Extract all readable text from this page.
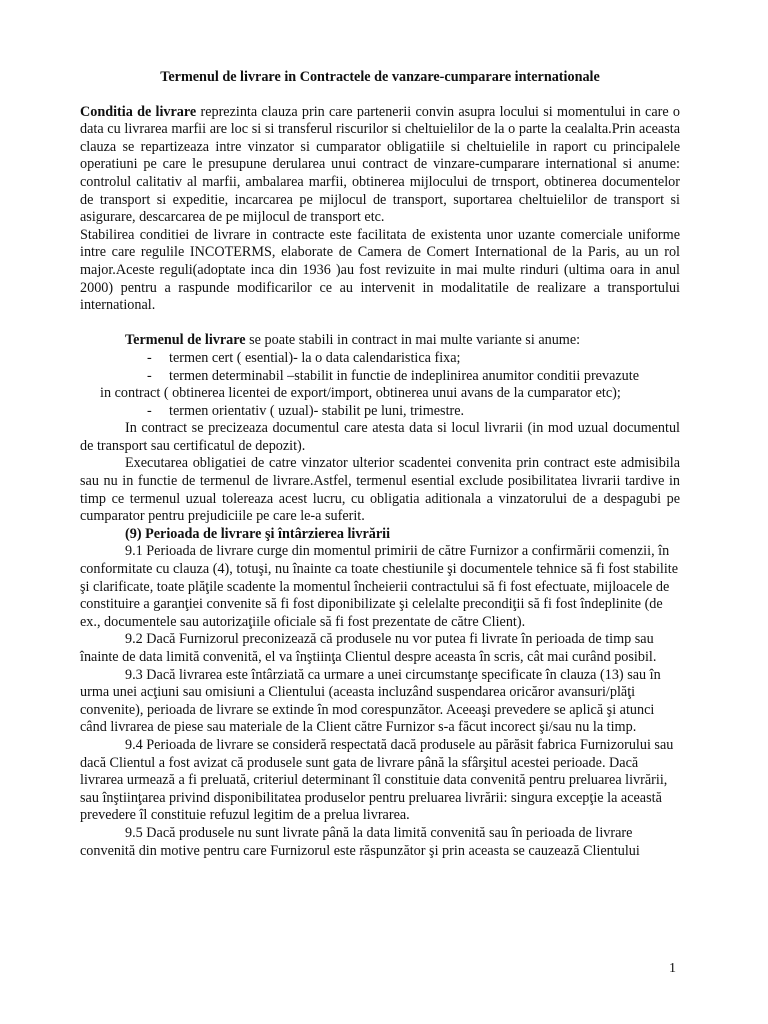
Termenul de livrare in Contractele de vanzare-cumparare internationale

Conditia de livrare reprezinta clauza prin care partenerii convin asupra locului si momentului in care o data cu livrarea marfii are loc si si transferul riscurilor si cheltuielilor de la o parte la cealalta.Prin aceasta clauza se repartizeaza intre vinzator si cumparator obligatiile si cheltuielile in raport cu principalele operatiuni pe care le presupune derularea unui contract de vinzare-cumparare international si anume: controlul calitativ al marfii, ambalarea marfii, obtinerea mijlocului de trnsport, obtinerea documentelor de transport si expeditie, incarcarea pe mijlocul de transport, suportarea cheltuielilor de transport si asigurare, descarcarea de pe mijlocul de transport etc.

Stabilirea conditiei de livrare in contracte este facilitata de existenta unor uzante comerciale uniforme intre care regulile INCOTERMS, elaborate de Camera de Comert International de la Paris, au un rol major.Aceste reguli(adoptate inca din 1936 )au fost revizuite in mai multe rinduri (ultima oara in anul 2000) pentru a raspunde modificarilor ce au intervenit in modalitatile de realizare a transportului international.

Termenul de livrare se poate stabili in contract in mai multe variante si anume:

- termen cert ( esential)- la o data calendaristica fixa;

- termen determinabil –stabilit in functie de indeplinirea anumitor conditii prevazute

in contract ( obtinerea licentei de export/import, obtinerea unui avans de la cumparator etc);

- termen orientativ ( uzual)- stabilit pe luni, trimestre.

In contract se precizeaza documentul care atesta data si locul livrarii (in mod uzual documentul de transport sau certificatul de depozit).

Executarea obligatiei de catre vinzator ulterior scadentei convenita prin contract este admisibila sau nu in functie de termenul de livrare.Astfel, termenul esential exclude posibilitatea livrarii tardive in timp ce termenul uzual tolereaza acest lucru, cu obligatia aditionala a vinzatorului de a despagubi pe cumparator pentru prejudiciile pe care le-a suferit.

(9) Perioada de livrare şi întârzierea livrării

9.1 Perioada de livrare curge din momentul primirii de către Furnizor a confirmării comenzii, în conformitate cu clauza (4), totuşi, nu înainte ca toate chestiunile şi documentele tehnice să fi fost stabilite şi clarificate, toate plăţile scadente la momentul încheierii contractului să fi fost efectuate, mijloacele de constituire a garanţiei convenite să fi fost diponibilizate şi celelalte precondiţii să fi fost îndeplinite (de ex., documentele sau autorizaţiile oficiale să fi fost prezentate de către Client).

9.2 Dacă Furnizorul preconizează că produsele nu vor putea fi livrate în perioada de timp sau înainte de data limită convenită, el va înştiinţa Clientul despre aceasta în scris, cât mai curând posibil.

9.3 Dacă livrarea este întârziată ca urmare a unei circumstanţe specificate în clauza (13) sau în urma unei acţiuni sau omisiuni a Clientului (aceasta incluzând suspendarea oricăror avansuri/plăţi convenite), perioada de livrare se extinde în mod corespunzător. Aceeaşi prevedere se aplică şi atunci când livrarea de piese sau materiale de la Client către Furnizor s-a făcut incorect şi/sau nu la timp.

9.4 Perioada de livrare se consideră respectată dacă produsele au părăsit fabrica Furnizorului sau dacă Clientul a fost avizat că produsele sunt gata de livrare până la sfârşitul acestei perioade. Dacă livrarea urmează a fi preluată, criteriul determinant îl constituie data convenită pentru preluarea livrării, sau înştiinţarea privind disponibilitatea produselor pentru preluarea livrării: singura excepţie la această prevedere îl constituie refuzul legitim de a prelua livrarea.

9.5 Dacă produsele nu sunt livrate până la data limită convenită sau în perioada de livrare convenită din motive pentru care Furnizorul este răspunzător şi prin aceasta se cauzează Clientului

1
